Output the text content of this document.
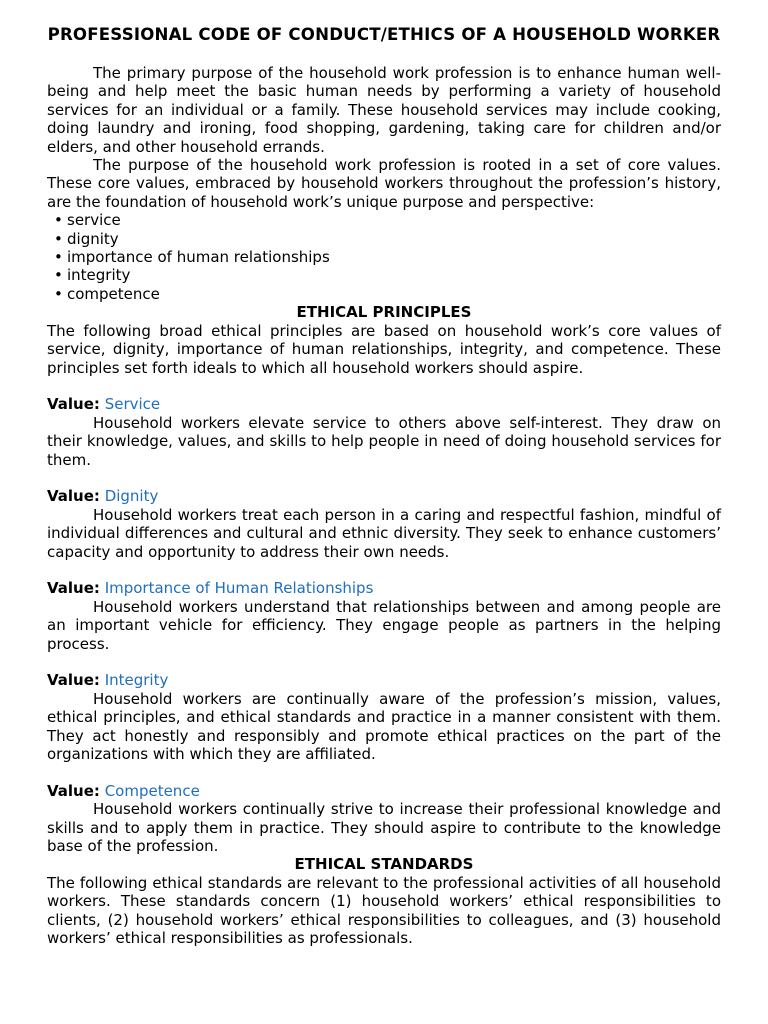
PROFESSIONAL CODE OF CONDUCT/ETHICS OF A HOUSEHOLD WORKER

The primary purpose of the household work profession is to enhance human well-being and help meet the basic human needs by performing a variety of household services for an individual or a family. These household services may include cooking, doing laundry and ironing, food shopping, gardening, taking care for children and/or elders, and other household errands.

The purpose of the household work profession is rooted in a set of core values. These core values, embraced by household workers throughout the profession’s history, are the foundation of household work’s unique purpose and perspective:

• service
• dignity
• importance of human relationships
• integrity
• competence
ETHICAL PRINCIPLES

The following broad ethical principles are based on household work’s core values of service, dignity, importance of human relationships, integrity, and competence. These principles set forth ideals to which all household workers should aspire.

Value: Service

Household workers elevate service to others above self-interest. They draw on their knowledge, values, and skills to help people in need of doing household services for them.

Value: Dignity

Household workers treat each person in a caring and respectful fashion, mindful of individual differences and cultural and ethnic diversity. They seek to enhance customers’ capacity and opportunity to address their own needs.

Value: Importance of Human Relationships

Household workers understand that relationships between and among people are an important vehicle for efficiency. They engage people as partners in the helping process.

Value: Integrity

Household workers are continually aware of the profession’s mission, values, ethical principles, and ethical standards and practice in a manner consistent with them. They act honestly and responsibly and promote ethical practices on the part of the organizations with which they are affiliated.

Value: Competence

Household workers continually strive to increase their professional knowledge and skills and to apply them in practice. They should aspire to contribute to the knowledge base of the profession.

ETHICAL STANDARDS

The following ethical standards are relevant to the professional activities of all household workers. These standards concern (1) household workers’ ethical responsibilities to clients, (2) household workers’ ethical responsibilities to colleagues, and (3) household workers’ ethical responsibilities as professionals.
